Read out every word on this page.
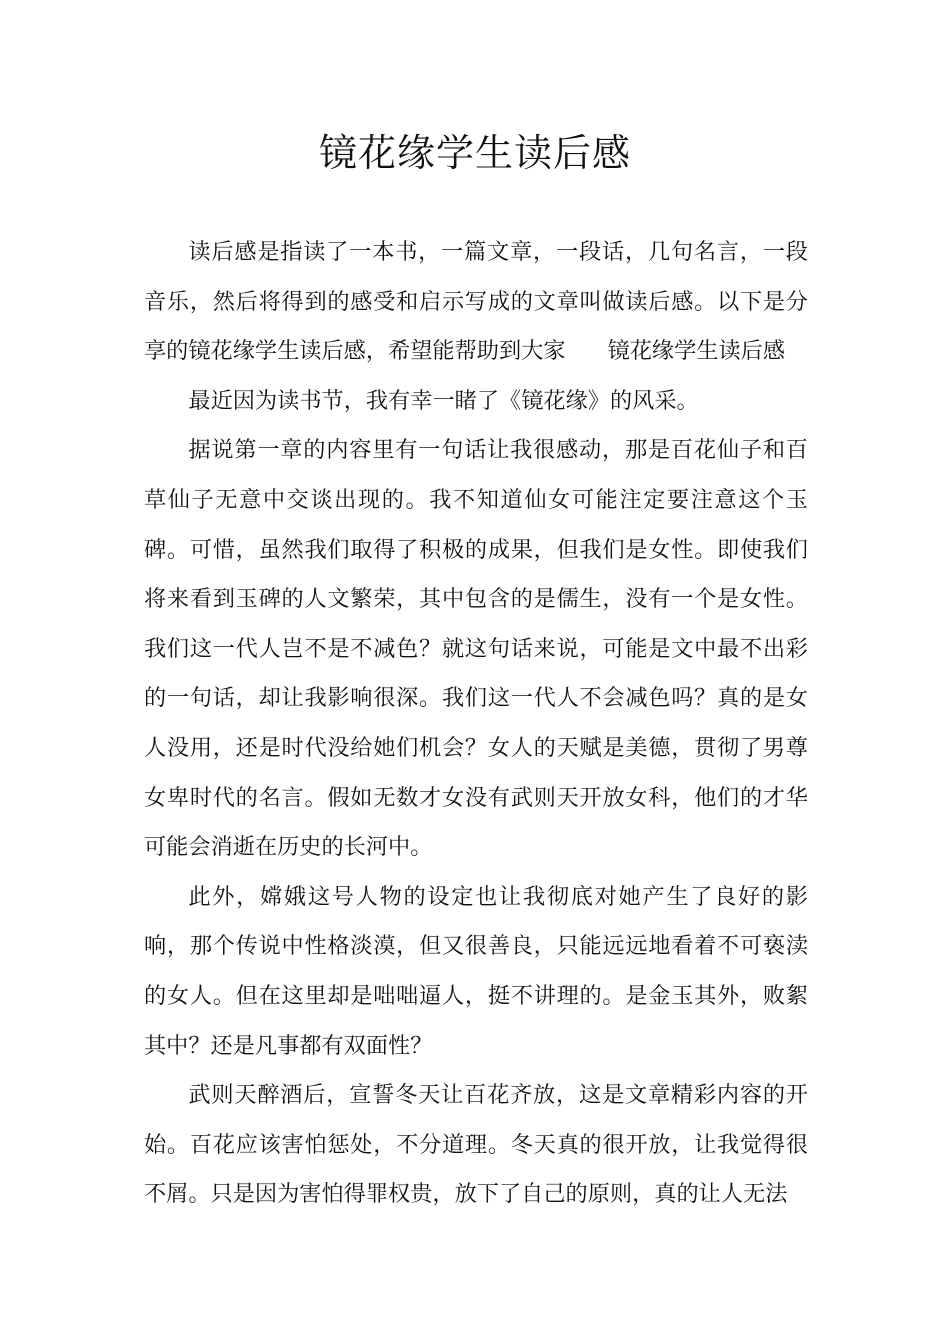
镜花缘学生读后感

读后感是指读了一本书，一篇文章，一段话，几句名言，一段音乐，然后将得到的感受和启示写成的文章叫做读后感。以下是分享的镜花缘学生读后感，希望能帮助到大家 镜花缘学生读后感

最近因为读书节，我有幸一睹了《镜花缘》的风采。

据说第一章的内容里有一句话让我很感动，那是百花仙子和百草仙子无意中交谈出现的。我不知道仙女可能注定要注意这个玉碑。可惜，虽然我们取得了积极的成果，但我们是女性。即使我们将来看到玉碑的人文繁荣，其中包含的是儒生，没有一个是女性。我们这一代人岂不是不减色？就这句话来说，可能是文中最不出彩的一句话，却让我影响很深。我们这一代人不会减色吗？真的是女人没用，还是时代没给她们机会？女人的天赋是美德，贯彻了男尊女卑时代的名言。假如无数才女没有武则天开放女科，他们的才华可能会消逝在历史的长河中。

此外，嫦娥这号人物的设定也让我彻底对她产生了良好的影响，那个传说中性格淡漠，但又很善良，只能远远地看着不可亵渎的女人。但在这里却是咄咄逼人，挺不讲理的。是金玉其外，败絮其中？还是凡事都有双面性？

武则天醉酒后，宣誓冬天让百花齐放，这是文章精彩内容的开始。百花应该害怕惩处，不分道理。冬天真的很开放，让我觉得很不屑。只是因为害怕得罪权贵，放下了自己的原则，真的让人无法
